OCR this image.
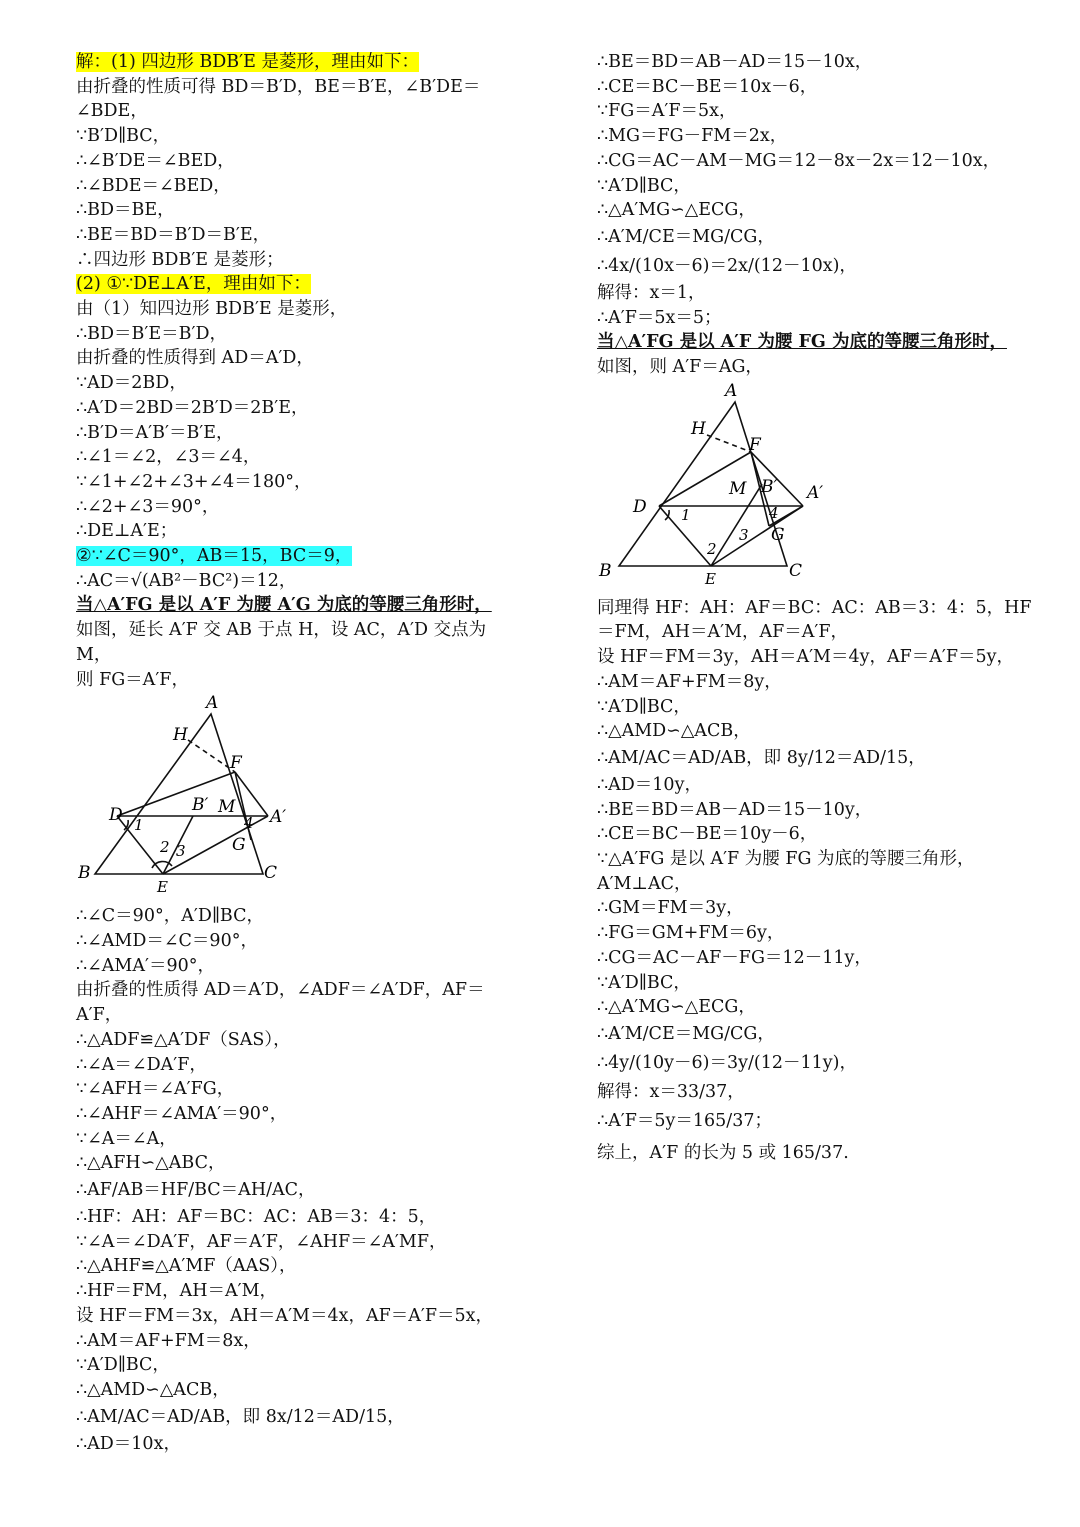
解：(1) 四边形 BDB′E 是菱形，理由如下：
由折叠的性质可得 BD＝B′D，BE＝B′E，∠B′DE＝∠BDE，
∵B′D∥BC，
∴∠B′DE＝∠BED，
∴∠BDE＝∠BED，
∴BD＝BE，
∴BE＝BD＝B′D＝B′E，
∴四边形 BDB′E 是菱形；
(2) ①∵DE⊥A′E，理由如下：
由（1）知四边形 BDB′E 是菱形，
∴BD＝B′E＝B′D，
由折叠的性质得到 AD＝A′D，
∵AD＝2BD，
∴A′D＝2BD＝2B′D＝2B′E，
∴B′D＝A′B′＝B′E，
∴∠1＝∠2，∠3＝∠4，
∵∠1+∠2+∠3+∠4＝180°，
∴∠2+∠3＝90°，
∴DE⊥A′E；
②∵∠C＝90°，AB＝15，BC＝9，
∴AC＝√(AB²－BC²)＝12，
当△A′FG 是以 A′F 为腰 A′G 为底的等腰三角形时，
如图，延长 A′F 交 AB 于点 H，设 AC，A′D 交点为 M，
则 FG＝A′F，
A
H
F
D	B′ M A′
1
2 3
4
G
B
E
C
∴∠C＝90°，A′D∥BC，
∴∠AMD＝∠C＝90°，
∴∠AMA′＝90°，
由折叠的性质得 AD＝A′D，∠ADF＝∠A′DF，AF＝A′F，
∴△ADF≌△A′DF（SAS），
∴∠A＝∠DA′F，
∵∠AFH＝∠A′FG，
∴∠AHF＝∠AMA′＝90°，
∵∠A＝∠A，
∴△AFH∽△ABC，
∴AF/AB＝HF/BC＝AH/AC，
∴HF：AH：AF＝BC：AC：AB＝3：4：5，
∵∠A＝∠DA′F，AF＝A′F，∠AHF＝∠A′MF，
∴△AHF≌△A′MF（AAS），
∴HF＝FM，AH＝A′M，
设 HF＝FM＝3x，AH＝A′M＝4x，AF＝A′F＝5x，
∴AM＝AF+FM＝8x，
∵A′D∥BC，
∴△AMD∽△ACB，
∴AM/AC＝AD/AB，即 8x/12＝AD/15，
∴AD＝10x，
∴BE＝BD＝AB－AD＝15－10x，
∴CE＝BC－BE＝10x－6，
∵FG＝A′F＝5x，
∴MG＝FG－FM＝2x，
∴CG＝AC－AM－MG＝12－8x－2x＝12－10x，
∵A′D∥BC，
∴△A′MG∽△ECG，
∴A′M/CE＝MG/CG，
∴4x/(10x－6)＝2x/(12－10x)，
解得：x＝1，
∴A′F＝5x＝5；
当△A′FG 是以 A′F 为腰 FG 为底的等腰三角形时，
如图，则 A′F＝AG，
A
H
F
D
B′
M	A′
1
2
3
4
G
B	E	C
同理得 HF：AH：AF＝BC：AC：AB＝3：4：5，HF＝FM，AH＝A′M，AF＝A′F，
设 HF＝FM＝3y，AH＝A′M＝4y，AF＝A′F＝5y，
∴AM＝AF+FM＝8y，
∵A′D∥BC，
∴△AMD∽△ACB，
∴AM/AC＝AD/AB，即 8y/12＝AD/15，
∴AD＝10y，
∴BE＝BD＝AB－AD＝15－10y，
∴CE＝BC－BE＝10y－6，
∵△A′FG 是以 A′F 为腰 FG 为底的等腰三角形，A′M⊥AC，
∴GM＝FM＝3y，
∴FG＝GM+FM＝6y，
∴CG＝AC－AF－FG＝12－11y，
∵A′D∥BC，
∴△A′MG∽△ECG，
∴A′M/CE＝MG/CG，
∴4y/(10y－6)＝3y/(12－11y)，
解得：x＝33/37，
∴A′F＝5y＝165/37；
综上，A′F 的长为 5 或 165/37.
